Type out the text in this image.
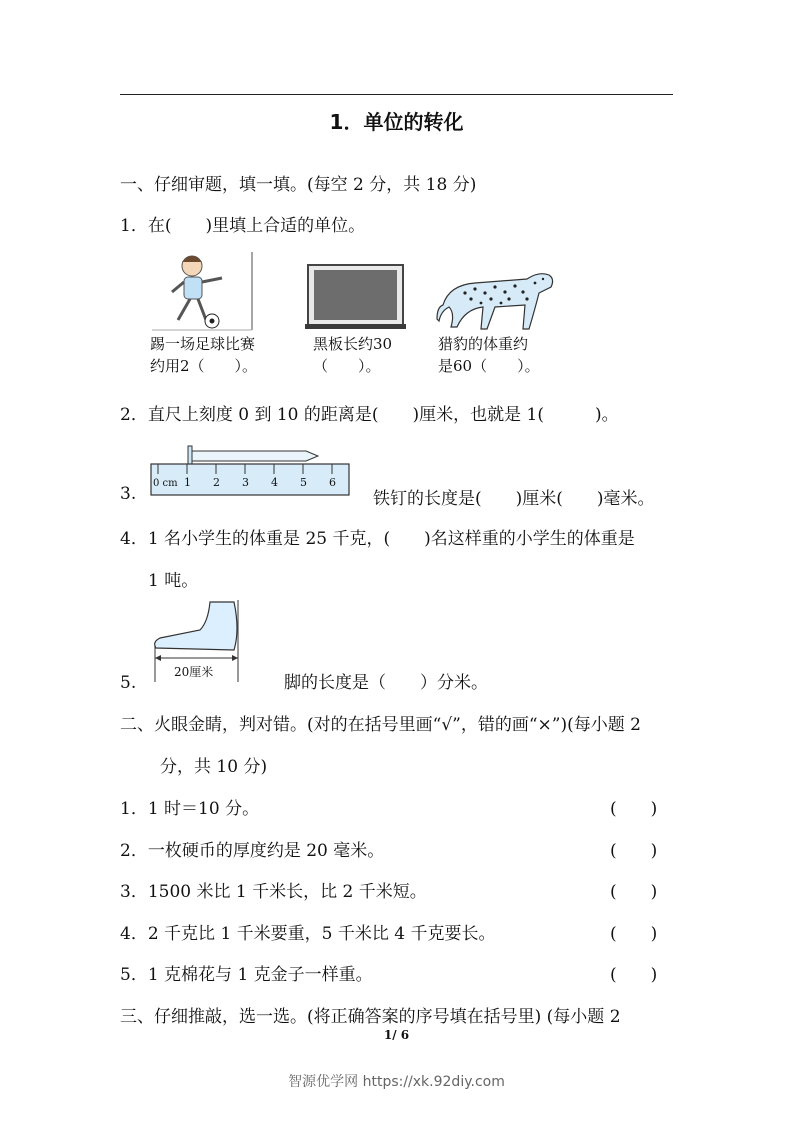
1．单位的转化
一、仔细审题，填一填。(每空 2 分，共 18 分)
1．在(　　)里填上合适的单位。
踢一场足球比赛
约用2（　　）。
黑板长约30
（　　）。
猎豹的体重约
是60（　　）。
2．直尺上刻度 0 到 10 的距离是(　　)厘米，也就是 1(　　　)。
3.
0 cm 1 2 3 4 5 6
铁钉的长度是(　　)厘米(　　)毫米。
4．1 名小学生的体重是 25 千克，(　　)名这样重的小学生的体重是
1 吨。
5.
20厘米
脚的长度是（　　）分米。
二、火眼金睛，判对错。(对的在括号里画“√”，错的画“×”)(每小题 2
分，共 10 分)
1．1 时＝10 分。	(　　)
2．一枚硬币的厚度约是 20 毫米。	(　　)
3．1500 米比 1 千米长，比 2 千米短。	(　　)
4．2 千克比 1 千米要重，5 千米比 4 千克要长。	(　　)
5．1 克棉花与 1 克金子一样重。	(　　)
三、仔细推敲，选一选。(将正确答案的序号填在括号里) (每小题 2
1/ 6
智源优学网 https://xk.92diy.com
